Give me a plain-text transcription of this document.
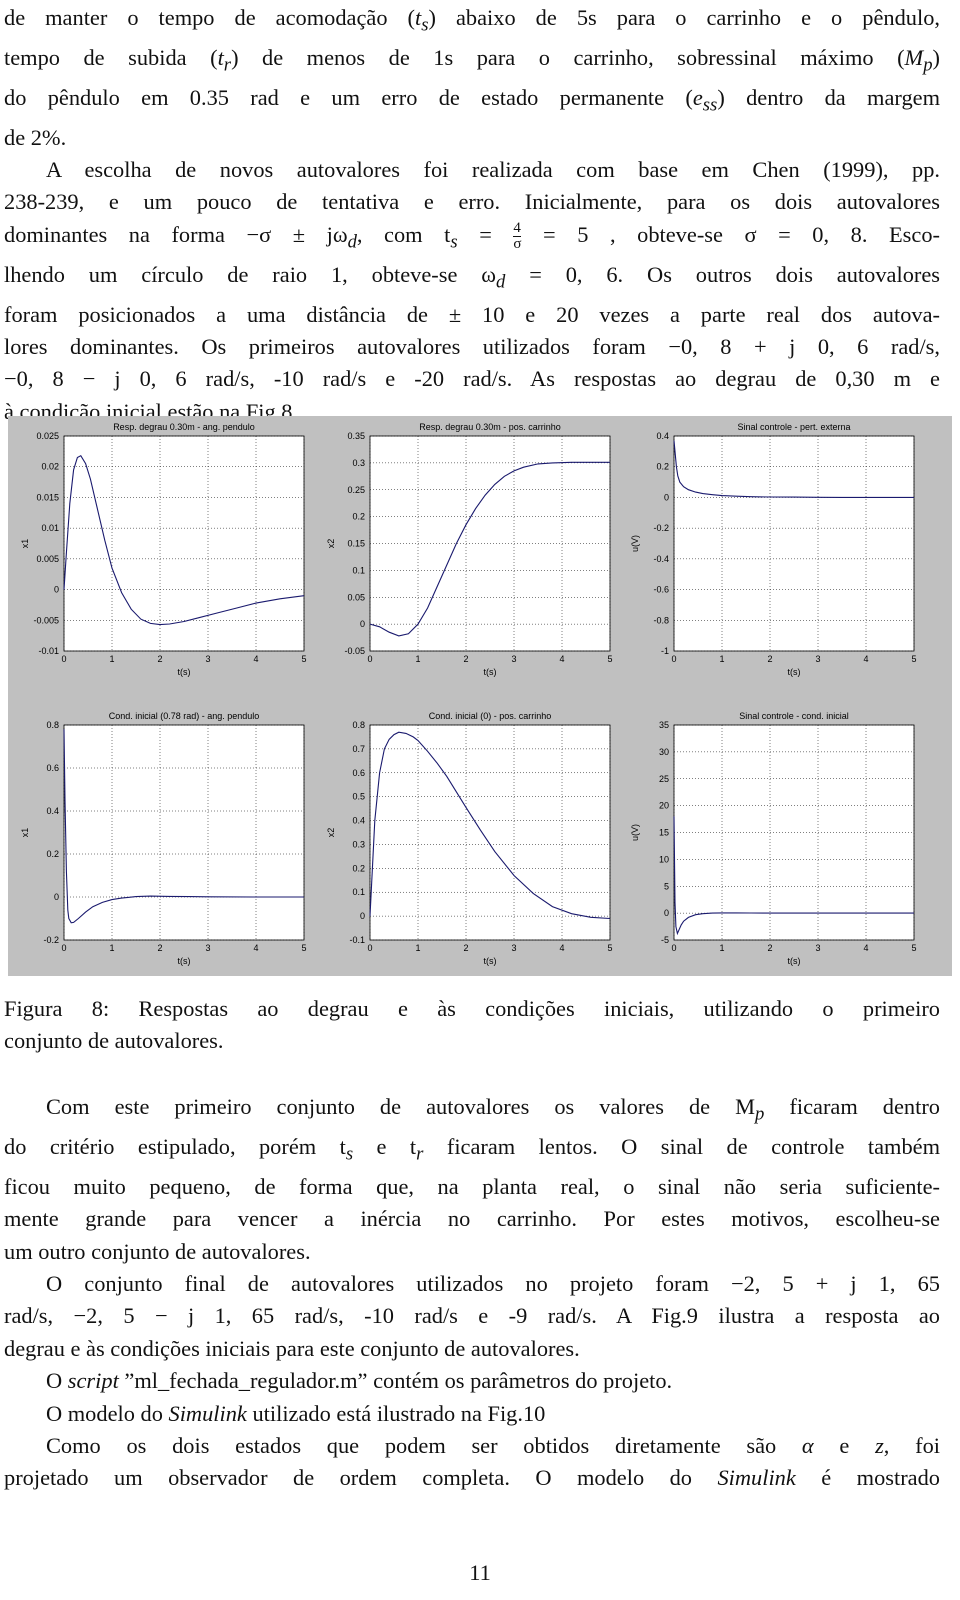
de manter o tempo de acomodação $(t_s)$ abaixo de 5s para o carrinho e o pêndulo,

tempo de subida $(t_r)$ de menos de 1s para o carrinho, sobressinal máximo $(M_p)$

do pêndulo em 0.35 rad e um erro de estado permanente $(e_{ss})$ dentro da margem

de 2%.

A escolha de novos autovalores foi realizada com base em Chen (1999), pp.

238-239, e um pouco de tentativa e erro. Inicialmente, para os dois autovalores

dominantes na forma $-\sigma \pm j\omega_d$, com $t_s = \frac{4}{\sigma} = 5$ , obteve-se σ = 0, 8. Esco-

lhendo um círculo de raio 1, obteve-se $\omega_d = 0$, 6. Os outros dois autovalores

foram posicionados a uma distância de ± 10 e 20 vezes a parte real dos autova-

lores dominantes. Os primeiros autovalores utilizados foram −0, 8 + j 0, 6 rad/s,

−0, 8 − j 0, 6 rad/s, -10 rad/s e -20 rad/s. As respostas ao degrau de 0,30 m e

à condição inicial estão na Fig.8.

0	1	2	3	4	5
-0.01
-0.005
0
0.005
0.01
0.015
0.02
0.025
Resp. degrau 0.30m - ang. pendulo
t(s)
x1
0	1	2	3	4	5
-0.05
0
0.05
0.1
0.15
0.2
0.25
0.3
0.35
Resp. degrau 0.30m - pos. carrinho
t(s)
x2
0	1	2	3	4	5
-1
-0.8
-0.6
-0.4
-0.2
0
0.2
0.4
Sinal controle - pert. externa
t(s)
u(V)
0	1	2	3	4	5
-0.2
0
0.2
0.4
0.6
0.8
Cond. inicial (0.78 rad) - ang. pendulo
t(s)
x1
0	1	2	3	4	5
-0.1
0
0.1
0.2
0.3
0.4
0.5
0.6
0.7
0.8
Cond. inicial (0) - pos. carrinho
t(s)
x2
0	1	2	3	4	5
-5
0
5
10
15
20
25
30
35
Sinal controle - cond. inicial
t(s)
u(V)

Figura 8: Respostas ao degrau e às condições iniciais, utilizando o primeiro

conjunto de autovalores.

Com este primeiro conjunto de autovalores os valores de $M_p$ ficaram dentro

do critério estipulado, porém $t_s$ e $t_r$ ficaram lentos. O sinal de controle também

ficou muito pequeno, de forma que, na planta real, o sinal não seria suficiente-

mente grande para vencer a inércia no carrinho. Por estes motivos, escolheu-se

um outro conjunto de autovalores.

O conjunto final de autovalores utilizados no projeto foram −2, 5 + j 1, 65

rad/s, −2, 5 − j 1, 65 rad/s, -10 rad/s e -9 rad/s. A Fig.9 ilustra a resposta ao

degrau e às condições iniciais para este conjunto de autovalores.

O script ”ml_fechada_regulador.m” contém os parâmetros do projeto.

O modelo do Simulink utilizado está ilustrado na Fig.10

Como os dois estados que podem ser obtidos diretamente são α e z, foi

projetado um observador de ordem completa. O modelo do Simulink é mostrado

11
